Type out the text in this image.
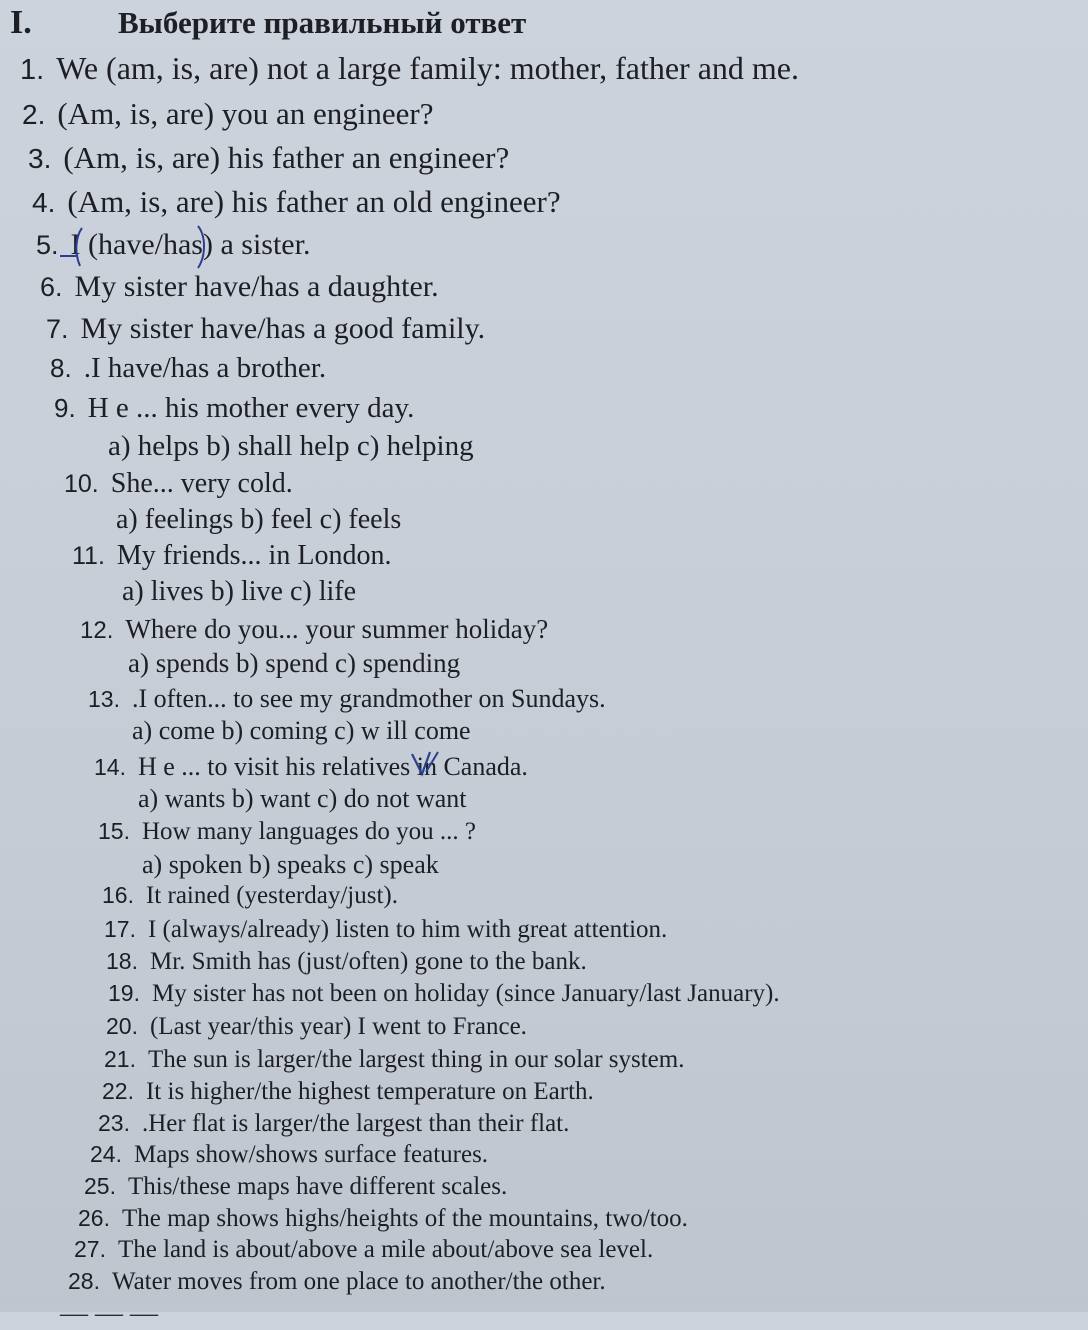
I.	Выберите правильный ответ
1. We (am, is, are) not a large family: mother, father and me.
2. (Am, is, are) you an engineer?
3. (Am, is, are) his father an engineer?
4. (Am, is, are) his father an old engineer?
5. I (have/has) a sister.
6. My sister have/has a daughter.
7. My sister have/has a good family.
8. .I have/has a brother.
9. H e ... his mother every day.
a) helps b) shall help c) helping
10. She... very cold.
a) feelings b) feel c) feels
11. My friends... in London.
a) lives b) live c) life
12. Where do you... your summer holiday?
a) spends b) spend c) spending
13. .I often... to see my grandmother on Sundays.
a) come b) coming c) w ill come
14. H e ... to visit his relatives in Canada.
a) wants b) want c) do not want
15. How many languages do you ... ?
a) spoken b) speaks c) speak
16. It rained (yesterday/just).
17. I (always/already) listen to him with great attention.
18. Mr. Smith has (just/often) gone to the bank.
19. My sister has not been on holiday (since January/last January).
20. (Last year/this year) I went to France.
21. The sun is larger/the largest thing in our solar system.
22. It is higher/the highest temperature on Earth.
23. .Her flat is larger/the largest than their flat.
24. Maps show/shows surface features.
25. This/these maps have different scales.
26. The map shows highs/heights of the mountains, two/too.
27. The land is about/above a mile about/above sea level.
28. Water moves from one place to another/the other.
— — —
